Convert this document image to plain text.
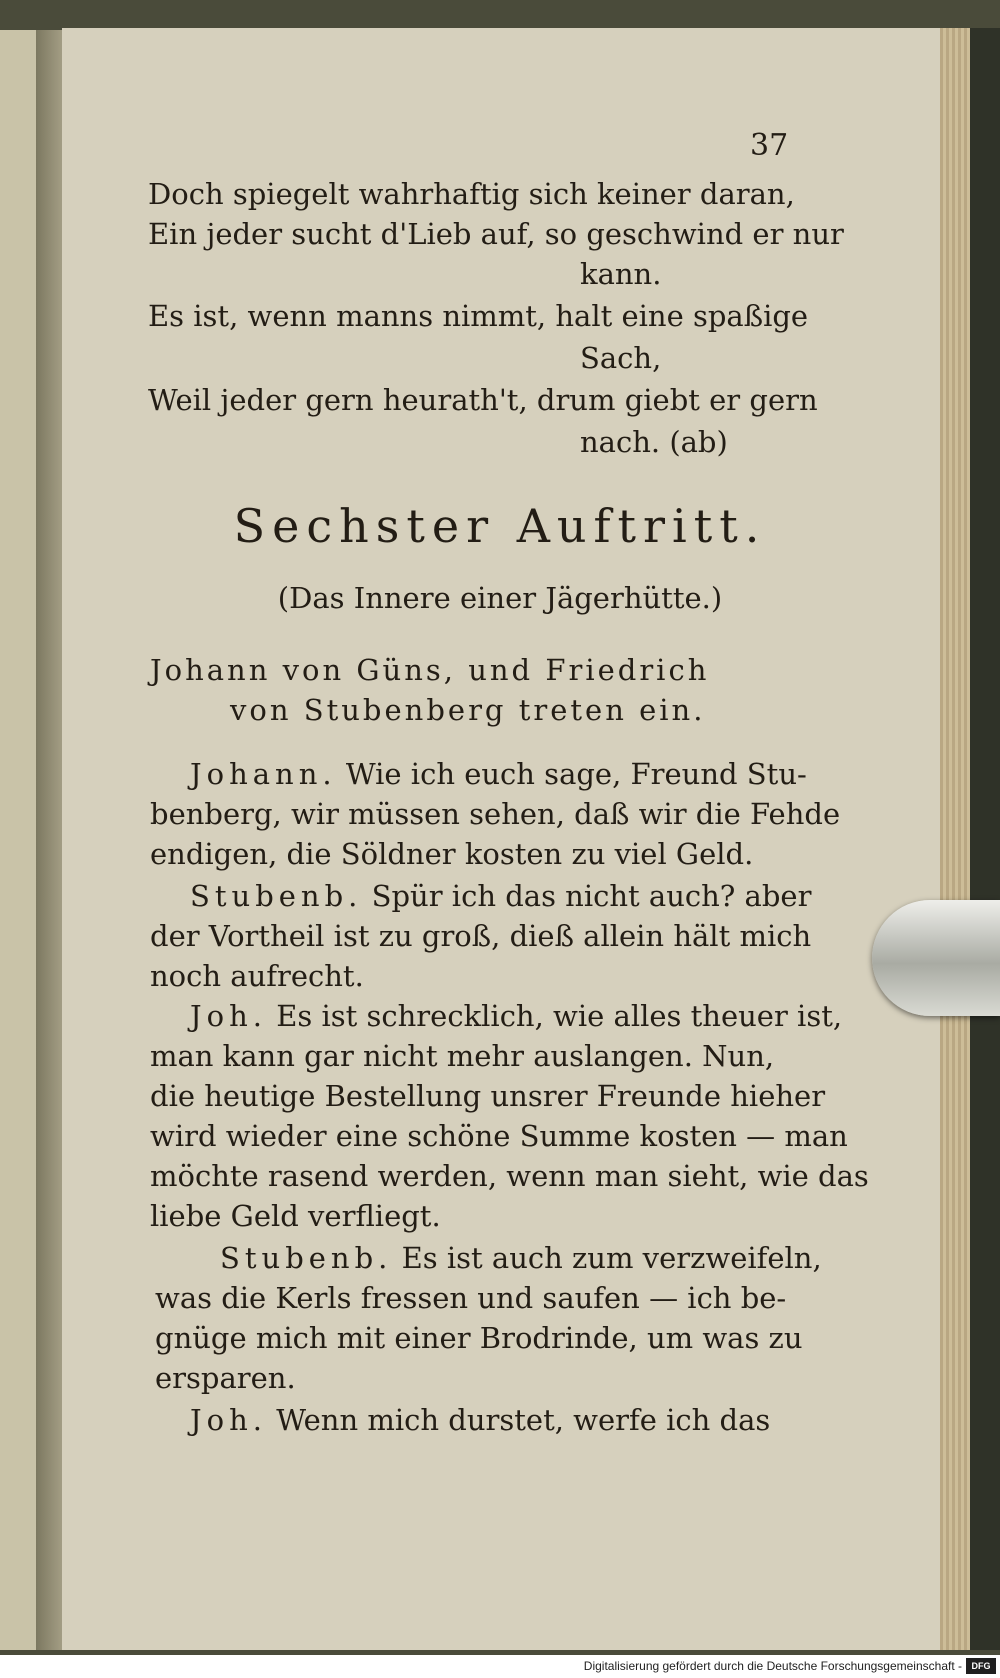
37
Doch spiegelt wahrhaftig sich keiner daran,
Ein jeder sucht d'Lieb auf, so geschwind er nur
kann.
Es ist, wenn manns nimmt, halt eine spaßige
Sach,
Weil jeder gern heurath't, drum giebt er gern
nach. (ab)
Sechster Auftritt.
(Das Innere einer Jägerhütte.)
Johann von Güns, und Friedrich
von Stubenberg treten ein.
Johann. Wie ich euch sage, Freund Stu-
benberg, wir müssen sehen, daß wir die Fehde
endigen, die Söldner kosten zu viel Geld.
Stubenb. Spür ich das nicht auch? aber
der Vortheil ist zu groß, dieß allein hält mich
noch aufrecht.
Joh. Es ist schrecklich, wie alles theuer ist,
man kann gar nicht mehr auslangen. Nun,
die heutige Bestellung unsrer Freunde hieher
wird wieder eine schöne Summe kosten — man
möchte rasend werden, wenn man sieht, wie das
liebe Geld verfliegt.
Stubenb. Es ist auch zum verzweifeln,
was die Kerls fressen und saufen — ich be-
gnüge mich mit einer Brodrinde, um was zu
ersparen.
Joh. Wenn mich durstet, werfe ich das
Digitalisierung gefördert durch die Deutsche Forschungsgemeinschaft -	DFG
